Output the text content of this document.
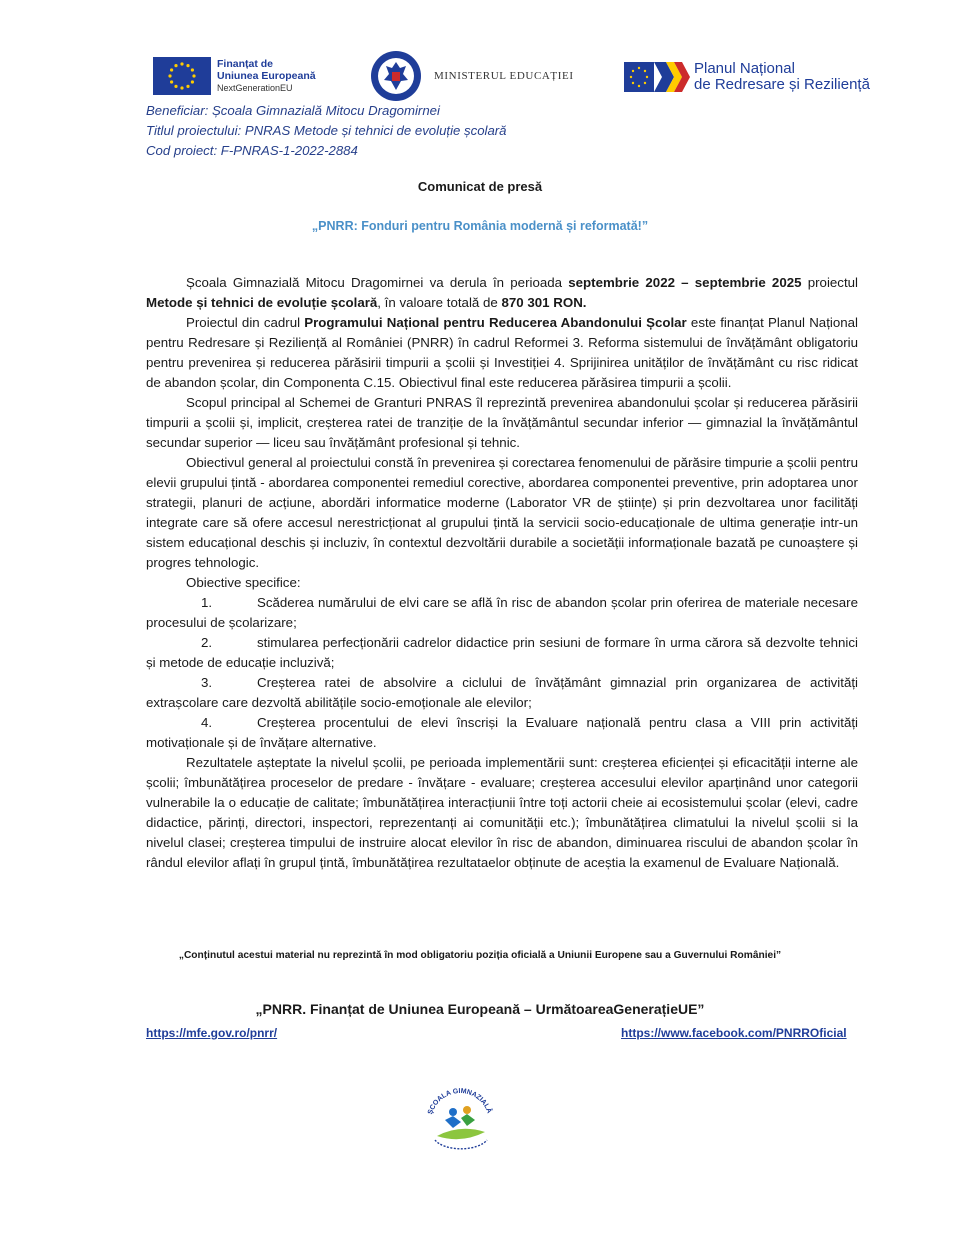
Finanțat de
Uniunea Europeană
NextGenerationEU
MINISTERUL EDUCAȚIEI	Planul Național
de Redresare și Reziliență
Beneficiar: Școala Gimnazială Mitocu Dragomirnei
Titlul proiectului: PNRAS Metode și tehnici de evoluție școlară
Cod proiect: F-PNRAS-1-2022-2884
Comunicat de presă
„PNRR: Fonduri pentru România modernă și reformată!”

Școala Gimnazială Mitocu Dragomirnei va derula în perioada septembrie 2022 – septembrie 2025 proiectul Metode și tehnici de evoluție școlară, în valoare totală de 870 301 RON.

Proiectul din cadrul Programului Național pentru Reducerea Abandonului Școlar este finanțat Planul Național pentru Redresare și Reziliență al României (PNRR) în cadrul Reformei 3. Reforma sistemului de învățământ obligatoriu pentru prevenirea și reducerea părăsirii timpurii a școlii și Investiției 4. Sprijinirea unităților de învățământ cu risc ridicat de abandon școlar, din Componenta C.15. Obiectivul final este reducerea părăsirea timpurii a școlii.

Scopul principal al Schemei de Granturi PNRAS îl reprezintă prevenirea abandonului școlar și reducerea părăsirii timpurii a școlii și, implicit, creșterea ratei de tranziție de la învățământul secundar inferior — gimnazial la învățământul secundar superior — liceu sau învățământ profesional și tehnic.

Obiectivul general al proiectului constă în prevenirea și corectarea fenomenului de părăsire timpurie a școlii pentru elevii grupului țintă - abordarea componentei remediul corective, abordarea componentei preventive, prin adoptarea unor strategii, planuri de acțiune, abordări informatice moderne (Laborator VR de științe) și prin dezvoltarea unor facilități integrate care să ofere accesul nerestricționat al grupului țintă la servicii socio-educaționale de ultima generație intr-un sistem educațional deschis și incluziv, în contextul dezvoltării durabile a societății informaționale bazată pe cunoaștere și progres tehnologic.

Obiective specifice:

1.	Scăderea numărului de elvi care se află în risc de abandon școlar prin oferirea de materiale necesare procesului de școlarizare;

2.	stimularea perfecționării cadrelor didactice prin sesiuni de formare în urma cărora să dezvolte tehnici și metode de educație incluzivă;

3.	Creșterea ratei de absolvire a ciclului de învățământ gimnazial prin organizarea de activități extrașcolare care dezvoltă abilitățile socio-emoționale ale elevilor;

4.	Creșterea procentului de elevi înscriși la Evaluare națională pentru clasa a VIII prin activități motivaționale și de învățare alternative.

Rezultatele așteptate la nivelul școlii, pe perioada implementării sunt: creșterea eficienței și eficacității interne ale școlii; îmbunătățirea proceselor de predare - învățare - evaluare; creșterea accesului elevilor aparținând unor categorii vulnerabile la o educație de calitate; îmbunătățirea interacțiunii între toți actorii cheie ai ecosistemului școlar (elevi, cadre didactice, părinți, directori, inspectori, reprezentanți ai comunității etc.); îmbunătățirea climatului la nivelul școlii si la nivelul clasei; creșterea timpului de instruire alocat elevilor în risc de abandon, diminuarea riscului de abandon școlar în rândul elevilor aflați în grupul țintă, îmbunătățirea rezultataelor obținute de aceștia la examenul de Evaluare Națională.

„Conținutul acestui material nu reprezintă în mod obligatoriu poziția oficială a Uniunii Europene sau a Guvernului României”
„PNRR. Finanțat de Uniunea Europeană – UrmătoareaGenerațieUE”
https://mfe.gov.ro/pnrr/	https://www.facebook.com/PNRROficial
ȘCOALA GIMNAZIALĂ
